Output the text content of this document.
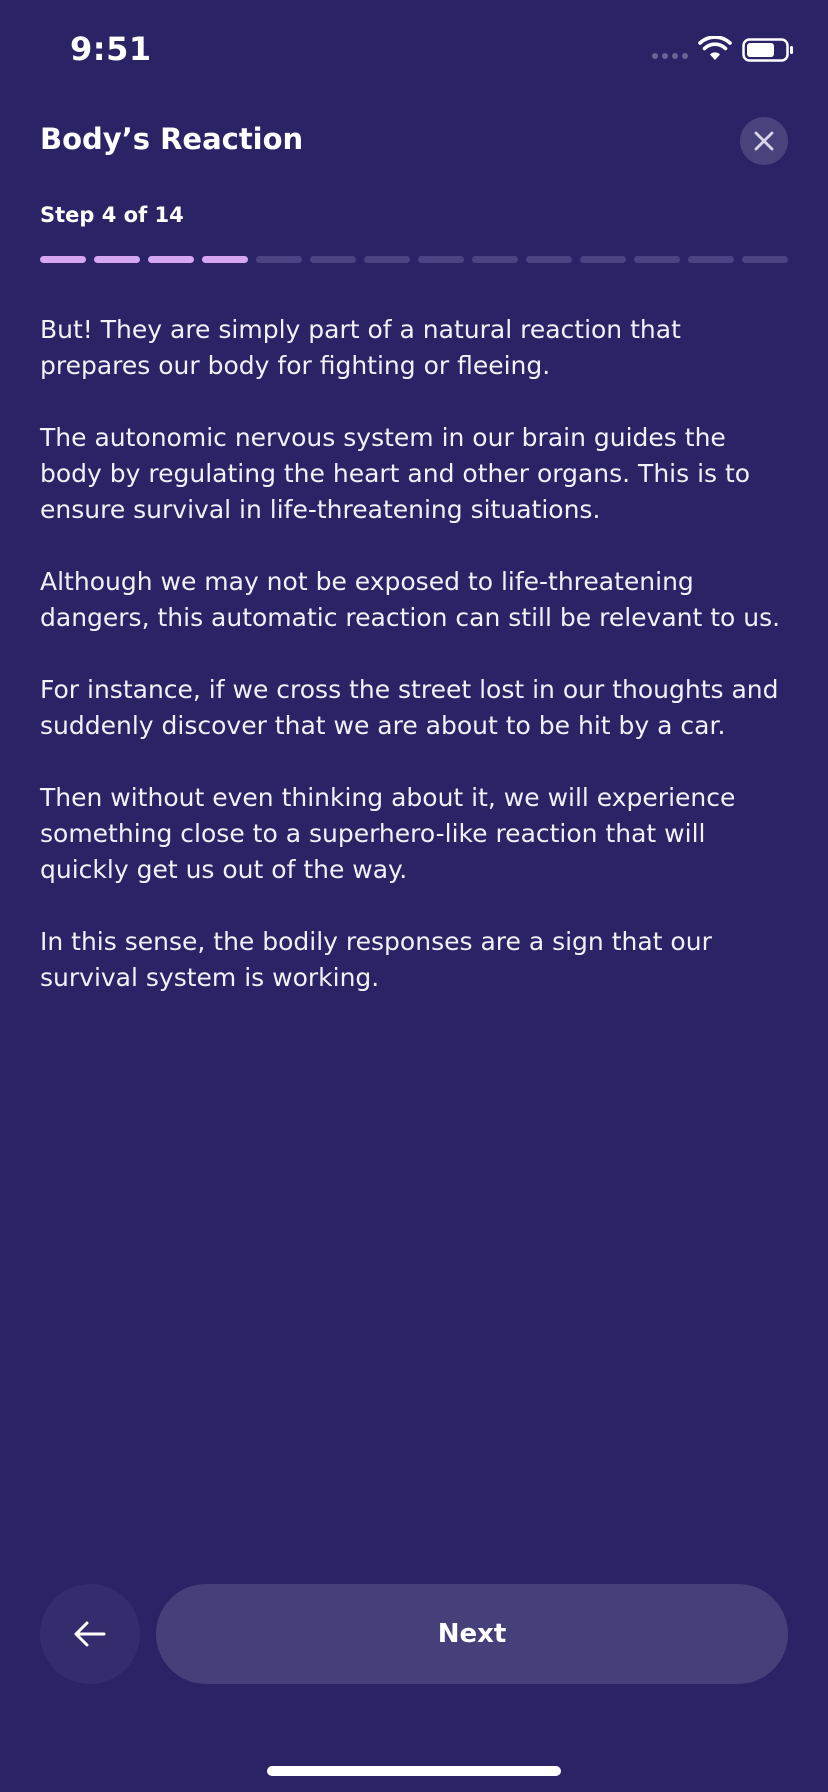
9:51
Body’s Reaction
Step 4 of 14

But! They are simply part of a natural reaction that prepares our body for fighting or fleeing.

The autonomic nervous system in our brain guides the body by regulating the heart and other organs. This is to ensure survival in life-threatening situations.

Although we may not be exposed to life-threatening dangers, this automatic reaction can still be relevant to us.

For instance, if we cross the street lost in our thoughts and suddenly discover that we are about to be hit by a car.

Then without even thinking about it, we will experience something close to a superhero-like reaction that will quickly get us out of the way.

In this sense, the bodily responses are a sign that our survival system is working.

Next
